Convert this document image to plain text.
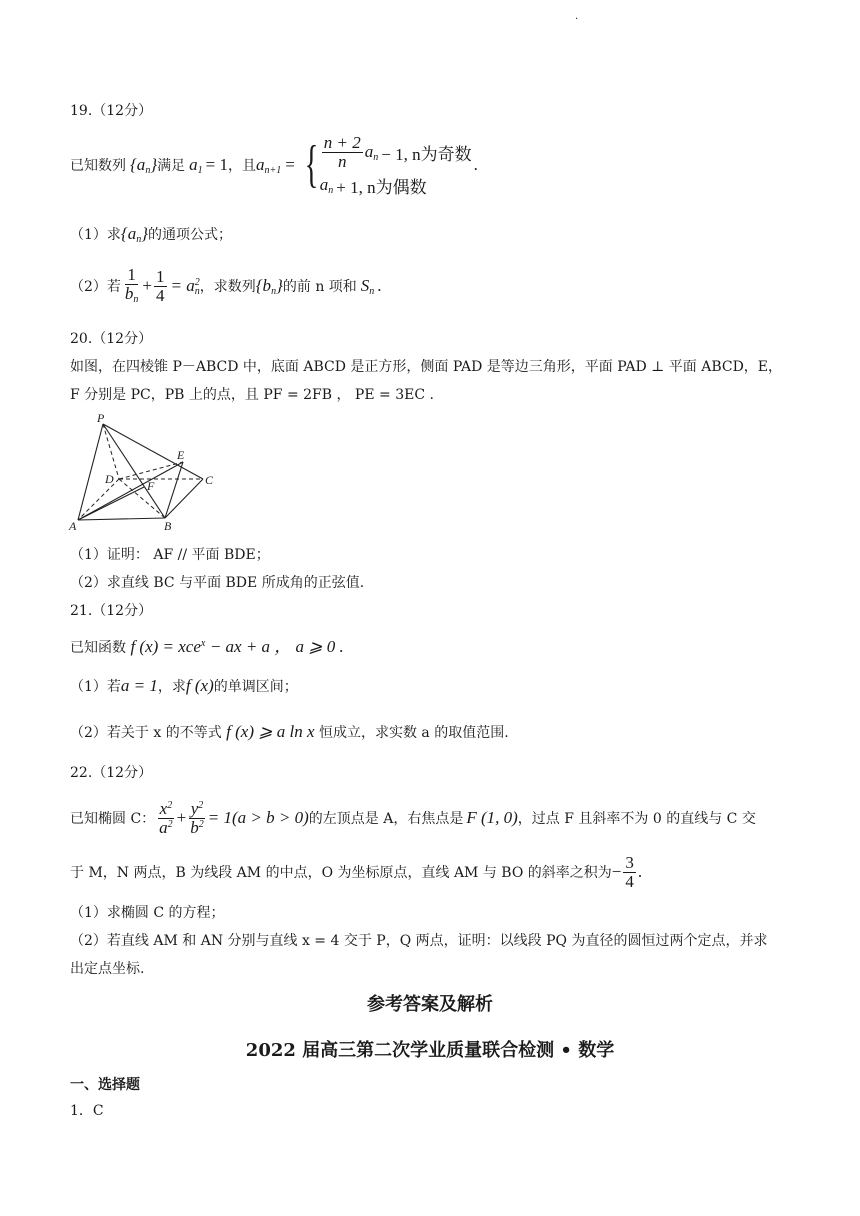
·
19.（12分）
已知数列 $\{a_n\}$ 满足 $a_1 = 1$ ，且 $a_{n+1}$ = { $\frac{n + 2}{n} a_n - 1$, n为奇数
$a_n + 1$, n为偶数
.
（1）求$\{a_n\}$的通项公式；
（2）若 $\frac{1}{b_n} + \frac{1}{4} = a_n^2$ ，求数列 $\{b_n\}$ 的前 n 项和 $S_n$ .
20.（12分）
如图，在四棱锥 P－ABCD 中，底面 ABCD 是正方形，侧面 PAD 是等边三角形，平面 PAD ⊥ 平面 ABCD，E，
F 分别是 PC，PB 上的点，且 PF = 2FB ， PE = 3EC .
P
E
D	F	C
A	B
（1）证明： AF // 平面 BDE；
（2）求直线 BC 与平面 BDE 所成角的正弦值.
21.（12分）
已知函数 f (x) = xce$^x$ − ax + a ， a ⩾ 0 .
（1）若a = 1，求f (x)的单调区间；
（2）若关于 x 的不等式 f (x) ⩾ a ln x 恒成立，求实数 a 的取值范围.
22.（12分）
已知椭圆 C： $\frac{x^2}{a^2} + \frac{y^2}{b^2} = 1(a > b > 0)$ 的左顶点是 A，右焦点是 F (1, 0) ，过点 F 且斜率不为 0 的直线与 C 交
于 M，N 两点，B 为线段 AM 的中点，O 为坐标原点，直线 AM 与 BO 的斜率之积为 − $\frac{3}{4}$ .
（1）求椭圆 C 的方程；
（2）若直线 AM 和 AN 分别与直线 x = 4 交于 P，Q 两点，证明：以线段 PQ 为直径的圆恒过两个定点，并求
出定点坐标.
参考答案及解析
2022 届高三第二次学业质量联合检测 • 数学
一、选择题
1．C
